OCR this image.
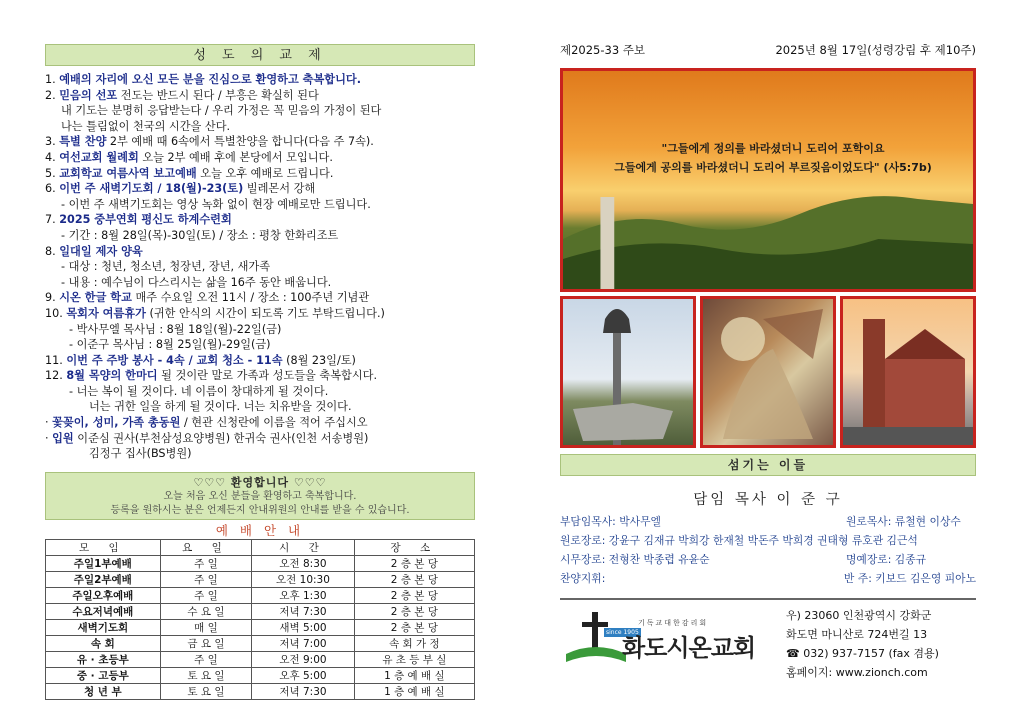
성 도 의 교 제
1. 예배의 자리에 오신 모든 분을 진심으로 환영하고 축복합니다.
2. 믿음의 선포 전도는 반드시 된다 / 부흥은 확실히 된다
내 기도는 분명히 응답받는다 / 우리 가정은 꼭 믿음의 가정이 된다
나는 틀림없이 천국의 시간을 산다.
3. 특별 찬양 2부 예배 때 6속에서 특별찬양을 합니다(다음 주 7속).
4. 여선교회 월례회 오늘 2부 예배 후에 본당에서 모입니다.
5. 교회학교 여름사역 보고예배 오늘 오후 예배로 드립니다.
6. 이번 주 새벽기도회 / 18(월)-23(토) 빌레몬서 강해
- 이번 주 새벽기도회는 영상 녹화 없이 현장 예배로만 드립니다.
7. 2025 중부연회 평신도 하계수련회
- 기간 : 8월 28일(목)-30일(토) / 장소 : 평창 한화리조트
8. 일대일 제자 양육
- 대상 : 청년, 청소년, 청장년, 장년, 새가족
- 내용 : 예수님이 다스리시는 삶을 16주 동안 배웁니다.
9. 시온 한글 학교 매주 수요일 오전 11시 / 장소 : 100주년 기념관
10. 목회자 여름휴가 (귀한 안식의 시간이 되도록 기도 부탁드립니다.)
- 박사무엘 목사님 : 8월 18일(월)-22일(금)
- 이준구 목사님 : 8월 25일(월)-29일(금)
11. 이번 주 주방 봉사 - 4속 / 교회 청소 - 11속 (8월 23일/토)
12. 8월 목양의 한마디 될 것이란 말로 가족과 성도들을 축복합시다.
- 너는 복이 될 것이다. 네 이름이 창대하게 될 것이다.
너는 귀한 일을 하게 될 것이다. 너는 치유받을 것이다.
· 꽃꽂이, 성미, 가족 총동원 / 현관 신청란에 이름을 적어 주십시오
· 입원 이준심 권사(부천삼성요양병원) 한귀숙 권사(인천 서송병원)
김정구 집사(BS병원)
♡♡♡ 환영합니다 ♡♡♡
오늘 처음 오신 분들을 환영하고 축복합니다.
등록을 원하시는 분은 언제든지 안내위원의 안내를 받을 수 있습니다.
예 배 안 내
모 임	요 일	시 간	장 소
주일1부예배	주 일	오전 8:30	2 층 본 당
주일2부예배	주 일	오전 10:30	2 층 본 당
주일오후예배	주 일	오후 1:30	2 층 본 당
수요저녁예배	수 요 일	저녁 7:30	2 층 본 당
새벽기도회	매 일	새벽 5:00	2 층 본 당
속 회	금 요 일	저녁 7:00	속 회 가 정
유 · 초등부	주 일	오전 9:00	유 초 등 부 실
중 · 고등부	토 요 일	오후 5:00	1 층 예 배 실
청 년 부	토 요 일	저녁 7:30	1 층 예 배 실
제2025-33 주보	2025년 8월 17일(성령강림 후 제10주)
"그들에게 정의를 바라셨더니 도리어 포학이요
그들에게 공의를 바라셨더니 도리어 부르짖음이었도다" (사5:7b)
섬기는 이들
담임 목사 이 준 구
부담임목사: 박사무엘	원로목사: 류철현 이상수
원로장로: 강윤구 김재규 박희강 한재철 박돈주 박희경 권태형 류호관 김근석
시무장로: 전형찬 박종렵 유윤순	명예장로: 김종규
찬양지휘:	반 주: 키보드 김은영 피아노
since 1905
기독교대한감리회
화도시온교회
우) 23060 인천광역시 강화군
화도면 마니산로 724번길 13
☎ 032) 937-7157 (fax 겸용)
홈페이지: www.zionch.com
